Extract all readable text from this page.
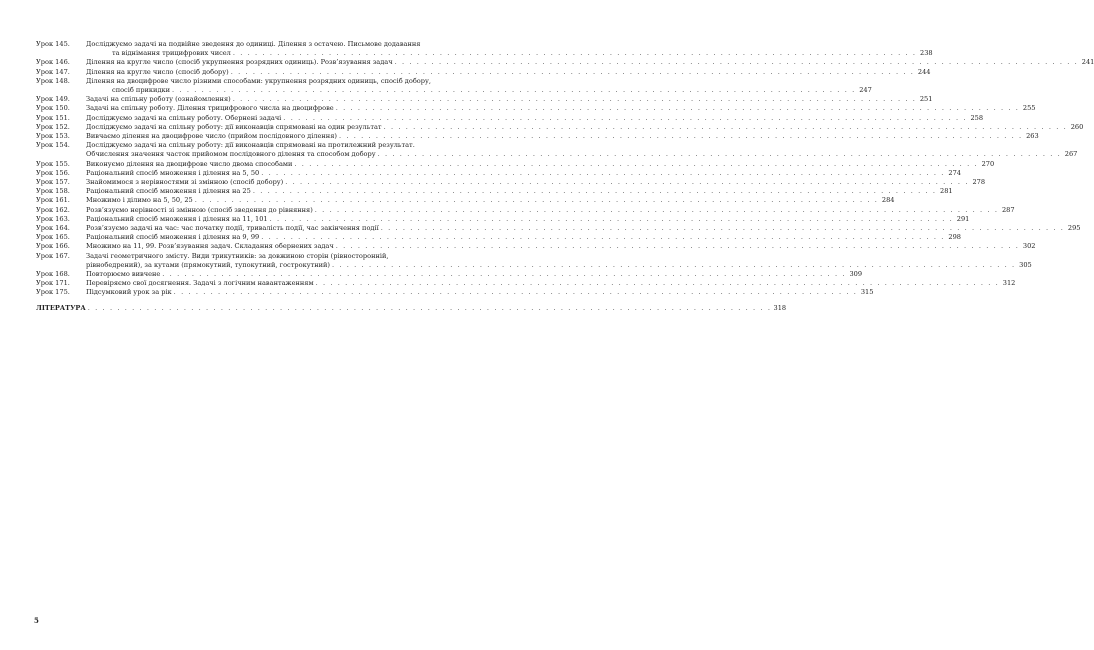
Урок 145.	Досліджуємо задачі на подвійне зведення до одиниці. Ділення з остачею. Письмове додавання
та віднімання трицифрових чисел . . . . . . . . . . . . . . . . . . . . . . . . . . . . . . . . . . . . . . . . . . . . . . . . . . . . . . . . . . . . . . . . . . . . . . . . . . . . . . . . . . . . . . . . . . . . . 238
Урок 146.	Ділення на кругле число (спосіб укрупнення розрядних одиниць). Розв’язування задач . . . . . . . . . . . . . . . . . . . . . . . . . . . . . . . . . . . . . . . . . . . . . . . . . . . . . . . . . . . . . . . . . . . . . . . . . . . . . . . . . . . . . . . . . . . . . 241
Урок 147.	Ділення на кругле число (спосіб добору) . . . . . . . . . . . . . . . . . . . . . . . . . . . . . . . . . . . . . . . . . . . . . . . . . . . . . . . . . . . . . . . . . . . . . . . . . . . . . . . . . . . . . . . . . . . . . 244
Урок 148.	Ділення на двоцифрове число різними способами: укрупнення розрядних одиниць, спосіб добору,
спосіб прикидки . . . . . . . . . . . . . . . . . . . . . . . . . . . . . . . . . . . . . . . . . . . . . . . . . . . . . . . . . . . . . . . . . . . . . . . . . . . . . . . . . . . . . . . . . . . . . 247
Урок 149.	Задачі на спільну роботу (ознайомлення) . . . . . . . . . . . . . . . . . . . . . . . . . . . . . . . . . . . . . . . . . . . . . . . . . . . . . . . . . . . . . . . . . . . . . . . . . . . . . . . . . . . . . . . . . . . . . 251
Урок 150.	Задачі на спільну роботу. Ділення трицифрового числа на двоцифрове . . . . . . . . . . . . . . . . . . . . . . . . . . . . . . . . . . . . . . . . . . . . . . . . . . . . . . . . . . . . . . . . . . . . . . . . . . . . . . . . . . . . . . . . . . . . . 255
Урок 151.	Досліджуємо задачі на спільну роботу. Обернені задачі . . . . . . . . . . . . . . . . . . . . . . . . . . . . . . . . . . . . . . . . . . . . . . . . . . . . . . . . . . . . . . . . . . . . . . . . . . . . . . . . . . . . . . . . . . . . . 258
Урок 152.	Досліджуємо задачі на спільну роботу: дії виконавців спрямовані на один результат . . . . . . . . . . . . . . . . . . . . . . . . . . . . . . . . . . . . . . . . . . . . . . . . . . . . . . . . . . . . . . . . . . . . . . . . . . . . . . . . . . . . . . . . . . . . . 260
Урок 153.	Вивчаємо ділення на двоцифрове число (прийом послідовного ділення) . . . . . . . . . . . . . . . . . . . . . . . . . . . . . . . . . . . . . . . . . . . . . . . . . . . . . . . . . . . . . . . . . . . . . . . . . . . . . . . . . . . . . . . . . . . . . 263
Урок 154.	Досліджуємо задачі на спільну роботу: дії виконавців спрямовані на протилежний результат.
Обчислення значення часток прийомом послідовного ділення та способом добору . . . . . . . . . . . . . . . . . . . . . . . . . . . . . . . . . . . . . . . . . . . . . . . . . . . . . . . . . . . . . . . . . . . . . . . . . . . . . . . . . . . . . . . . . . . . . 267
Урок 155.	Виконуємо ділення на двоцифрове число двома способами . . . . . . . . . . . . . . . . . . . . . . . . . . . . . . . . . . . . . . . . . . . . . . . . . . . . . . . . . . . . . . . . . . . . . . . . . . . . . . . . . . . . . . . . . . . . . 270
Урок 156.	Раціональний спосіб множення і ділення на 5, 50 . . . . . . . . . . . . . . . . . . . . . . . . . . . . . . . . . . . . . . . . . . . . . . . . . . . . . . . . . . . . . . . . . . . . . . . . . . . . . . . . . . . . . . . . . . . . . 274
Урок 157.	Знайомимося з нерівностями зі змінною (спосіб добору) . . . . . . . . . . . . . . . . . . . . . . . . . . . . . . . . . . . . . . . . . . . . . . . . . . . . . . . . . . . . . . . . . . . . . . . . . . . . . . . . . . . . . . . . . . . . . 278
Урок 158.	Раціональний спосіб множення і ділення на 25 . . . . . . . . . . . . . . . . . . . . . . . . . . . . . . . . . . . . . . . . . . . . . . . . . . . . . . . . . . . . . . . . . . . . . . . . . . . . . . . . . . . . . . . . . . . . . 281
Урок 161.	Множимо і ділимо на 5, 50, 25 . . . . . . . . . . . . . . . . . . . . . . . . . . . . . . . . . . . . . . . . . . . . . . . . . . . . . . . . . . . . . . . . . . . . . . . . . . . . . . . . . . . . . . . . . . . . . 284
Урок 162.	Розв’язуємо нерівності зі змінною (спосіб зведення до рівняння) . . . . . . . . . . . . . . . . . . . . . . . . . . . . . . . . . . . . . . . . . . . . . . . . . . . . . . . . . . . . . . . . . . . . . . . . . . . . . . . . . . . . . . . . . . . . . 287
Урок 163.	Раціональний спосіб множення і ділення на 11, 101 . . . . . . . . . . . . . . . . . . . . . . . . . . . . . . . . . . . . . . . . . . . . . . . . . . . . . . . . . . . . . . . . . . . . . . . . . . . . . . . . . . . . . . . . . . . . . 291
Урок 164.	Розв’язуємо задачі на час: час початку події, тривалість події, час закінчення події . . . . . . . . . . . . . . . . . . . . . . . . . . . . . . . . . . . . . . . . . . . . . . . . . . . . . . . . . . . . . . . . . . . . . . . . . . . . . . . . . . . . . . . . . . . . . 295
Урок 165.	Раціональний спосіб множення і ділення на 9, 99 . . . . . . . . . . . . . . . . . . . . . . . . . . . . . . . . . . . . . . . . . . . . . . . . . . . . . . . . . . . . . . . . . . . . . . . . . . . . . . . . . . . . . . . . . . . . . 298
Урок 166.	Множимо на 11, 99. Розв’язування задач. Складання обернених задач . . . . . . . . . . . . . . . . . . . . . . . . . . . . . . . . . . . . . . . . . . . . . . . . . . . . . . . . . . . . . . . . . . . . . . . . . . . . . . . . . . . . . . . . . . . . . 302
Урок 167.	Задачі геометричного змісту. Види трикутників: за довжиною сторін (рівносторонній,
рівнобедрений), за кутами (прямокутний, тупокутний, гострокутний) . . . . . . . . . . . . . . . . . . . . . . . . . . . . . . . . . . . . . . . . . . . . . . . . . . . . . . . . . . . . . . . . . . . . . . . . . . . . . . . . . . . . . . . . . . . . . 305
Урок 168.	Повторюємо вивчене . . . . . . . . . . . . . . . . . . . . . . . . . . . . . . . . . . . . . . . . . . . . . . . . . . . . . . . . . . . . . . . . . . . . . . . . . . . . . . . . . . . . . . . . . . . . . 309
Урок 171.	Перевіряємо свої досягнення. Задачі з логічним навантаженням . . . . . . . . . . . . . . . . . . . . . . . . . . . . . . . . . . . . . . . . . . . . . . . . . . . . . . . . . . . . . . . . . . . . . . . . . . . . . . . . . . . . . . . . . . . . . 312
Урок 175.	Підсумковий урок за рік . . . . . . . . . . . . . . . . . . . . . . . . . . . . . . . . . . . . . . . . . . . . . . . . . . . . . . . . . . . . . . . . . . . . . . . . . . . . . . . . . . . . . . . . . . . . . 315
ЛІТЕРАТУРА . . . . . . . . . . . . . . . . . . . . . . . . . . . . . . . . . . . . . . . . . . . . . . . . . . . . . . . . . . . . . . . . . . . . . . . . . . . . . . . . . . . . . . . . . . . . . 318
5
